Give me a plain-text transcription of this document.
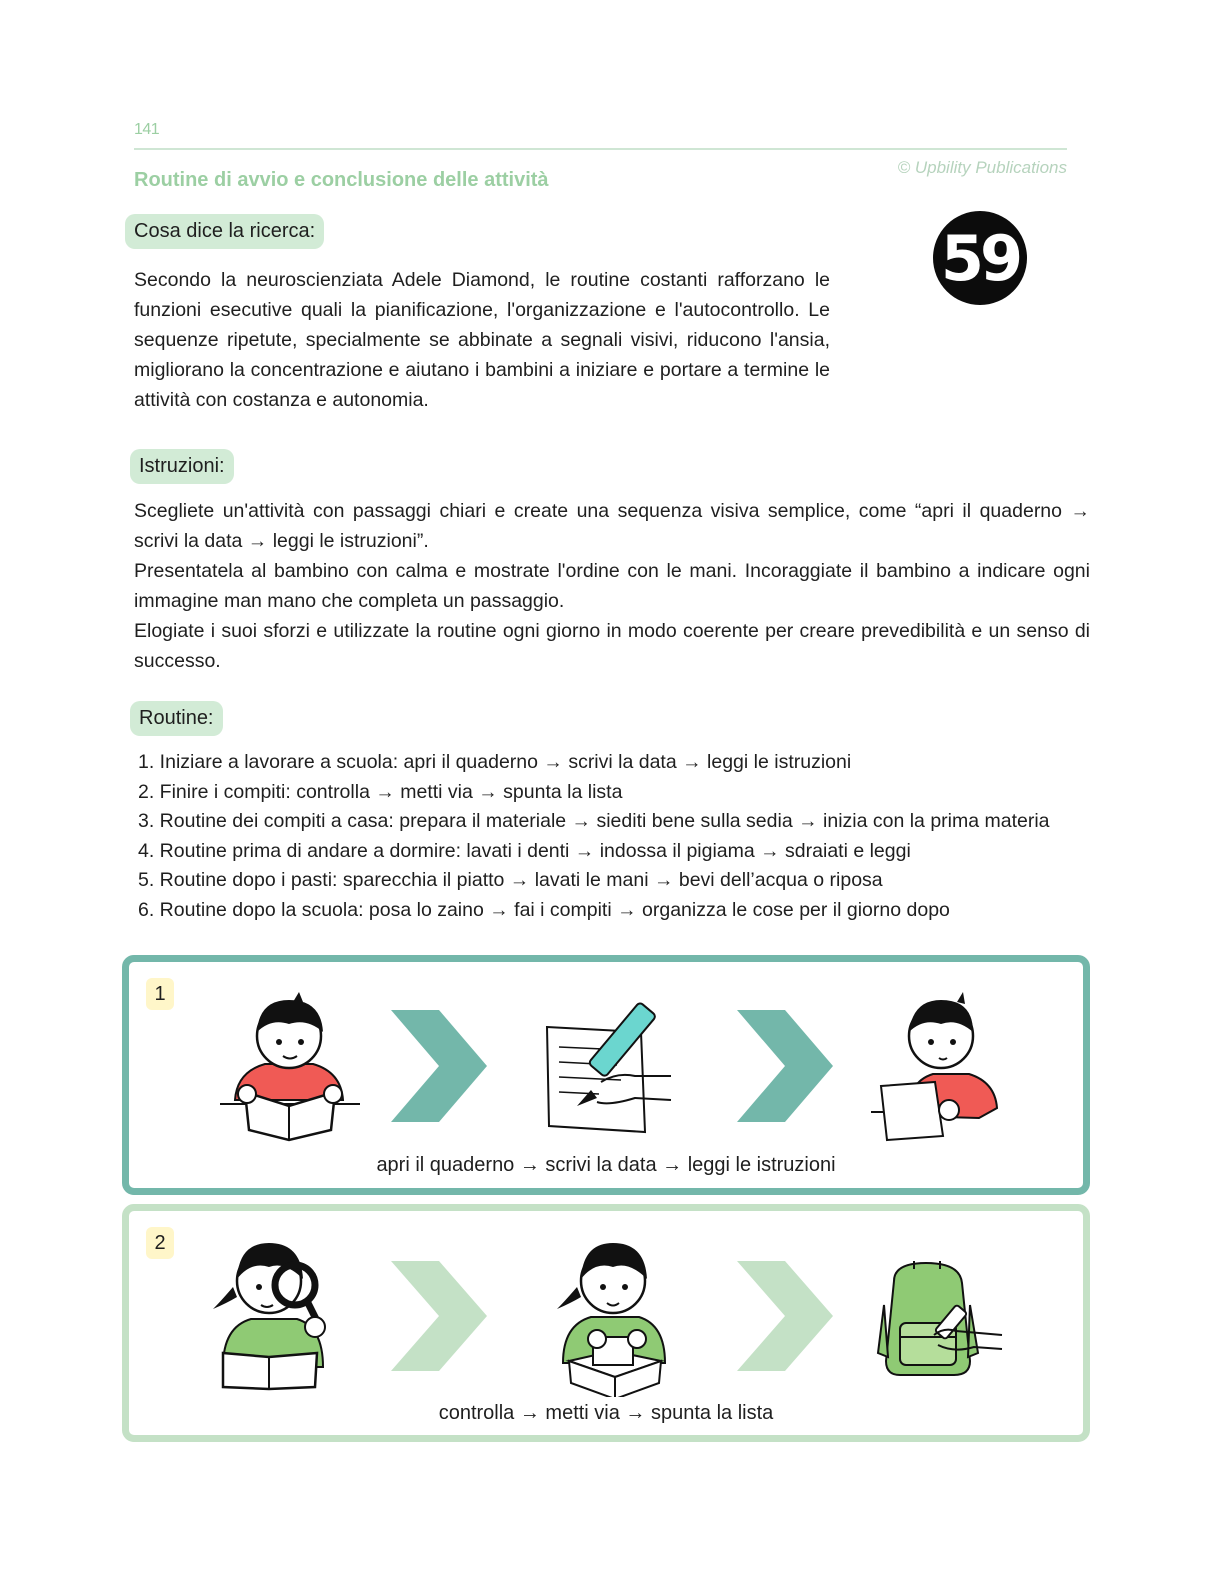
141
© Upbility Publications
Routine di avvio e conclusione delle attività
Cosa dice la ricerca:

Secondo la neuroscienziata Adele Diamond, le routine costanti rafforzano le funzioni esecutive quali la pianificazione, l'organizzazione e l'autocontrollo. Le sequenze ripetute, specialmente se abbinate a segnali visivi, riducono l'ansia, migliorano la concentrazione e aiutano i bambini a iniziare e portare a termine le attività con costanza e autonomia.

59
Istruzioni:
Scegliete un'attività con passaggi chiari e create una sequenza visiva semplice, come “apri il quaderno → scrivi la data → leggi le istruzioni”.
Presentatela al bambino con calma e mostrate l'ordine con le mani. Incoraggiate il bambino a indicare ogni immagine man mano che completa un passaggio.
Elogiate i suoi sforzi e utilizzate la routine ogni giorno in modo coerente per creare prevedibilità e un senso di successo.
Routine:
1. Iniziare a lavorare a scuola: apri il quaderno → scrivi la data → leggi le istruzioni
2. Finire i compiti: controlla → metti via → spunta la lista
3. Routine dei compiti a casa: prepara il materiale → siediti bene sulla sedia → inizia con la prima materia
4. Routine prima di andare a dormire: lavati i denti → indossa il pigiama → sdraiati e leggi
5. Routine dopo i pasti: sparecchia il piatto → lavati le mani → bevi dell’acqua o riposa
6. Routine dopo la scuola: posa lo zaino → fai i compiti → organizza le cose per il giorno dopo
1
apri il quaderno → scrivi la data → leggi le istruzioni
2
controlla → metti via → spunta la lista
